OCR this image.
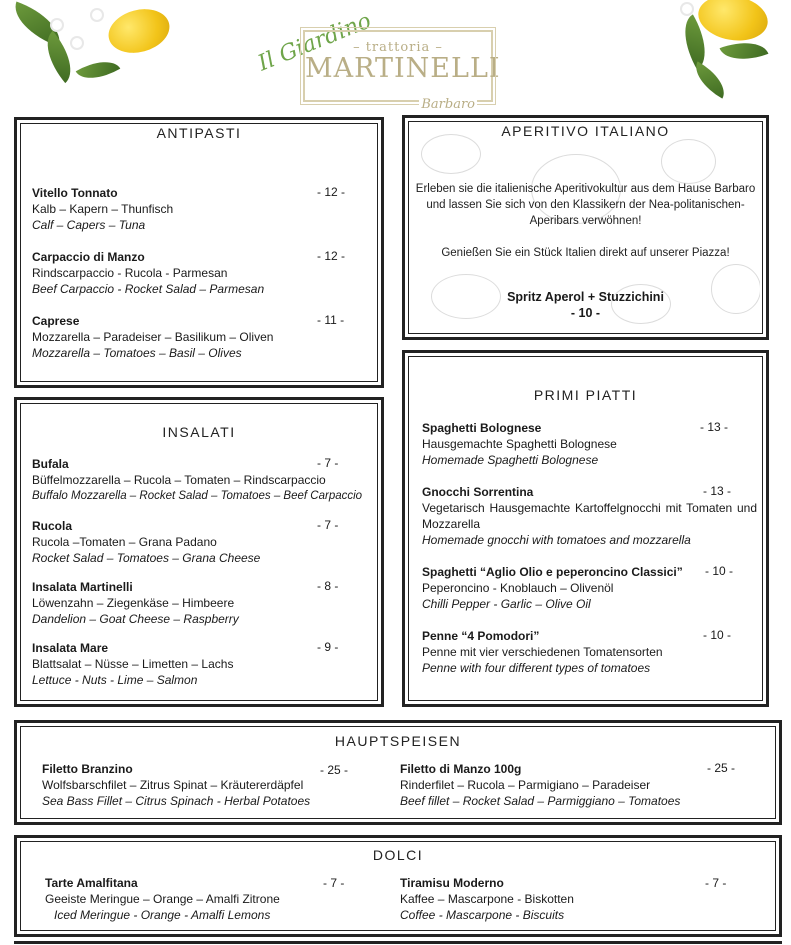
Il Giardino
– trattoria –
MARTINELLI
Barbaro
ANTIPASTI
Vitello Tonnato
Kalb – Kapern – Thunfisch
Calf – Capers – Tuna
- 12 -
Carpaccio di Manzo
Rindscarpaccio - Rucola - Parmesan
Beef Carpaccio - Rocket Salad – Parmesan
- 12 -
Caprese
Mozzarella – Paradeiser – Basilikum – Oliven
Mozzarella – Tomatoes – Basil – Olives
- 11 -
APERITIVO ITALIANO
Erleben sie die italienische Aperitivokultur aus dem Hause Barbaro und lassen Sie sich von den Klassikern der Nea-politanischen-Aperibars verwöhnen!
Genießen Sie ein Stück Italien direkt auf unserer Piazza!
Spritz Aperol + Stuzzichini
- 10 -
INSALATI
Bufala
Büffelmozzarella – Rucola – Tomaten – Rindscarpaccio
Buffalo Mozzarella – Rocket Salad – Tomatoes – Beef Carpaccio
- 7 -
Rucola
Rucola –Tomaten – Grana Padano
Rocket Salad – Tomatoes – Grana Cheese
- 7 -
Insalata Martinelli
Löwenzahn – Ziegenkäse – Himbeere
Dandelion – Goat Cheese – Raspberry
- 8 -
Insalata Mare
Blattsalat – Nüsse – Limetten – Lachs
Lettuce - Nuts - Lime – Salmon
- 9 -
PRIMI PIATTI
Spaghetti Bolognese
Hausgemachte Spaghetti Bolognese
Homemade Spaghetti Bolognese
- 13 -
Gnocchi Sorrentina
Vegetarisch Hausgemachte Kartoffelgnocchi mit Tomaten und Mozzarella
Homemade gnocchi with tomatoes and mozzarella
- 13 -
Spaghetti “Aglio Olio e peperoncino Classici”
Peperoncino - Knoblauch – Olivenöl
Chilli Pepper - Garlic – Olive Oil
- 10 -
Penne “4 Pomodori”
Penne mit vier verschiedenen Tomatensorten
Penne with four different types of tomatoes
- 10 -
HAUPTSPEISEN
Filetto Branzino
Wolfsbarschfilet – Zitrus Spinat – Kräutererdäpfel
Sea Bass Fillet – Citrus Spinach - Herbal Potatoes
- 25 -	Filetto di Manzo 100g
Rinderfilet – Rucola – Parmigiano – Paradeiser
Beef fillet – Rocket Salad – Parmiggiano – Tomatoes
- 25 -
DOLCI
Tarte Amalfitana
Geeiste Meringue – Orange – Amalfi Zitrone
Iced Meringue - Orange - Amalfi Lemons
- 7 -	Tiramisu Moderno
Kaffee – Mascarpone - Biskotten
Coffee - Mascarpone - Biscuits
- 7 -
